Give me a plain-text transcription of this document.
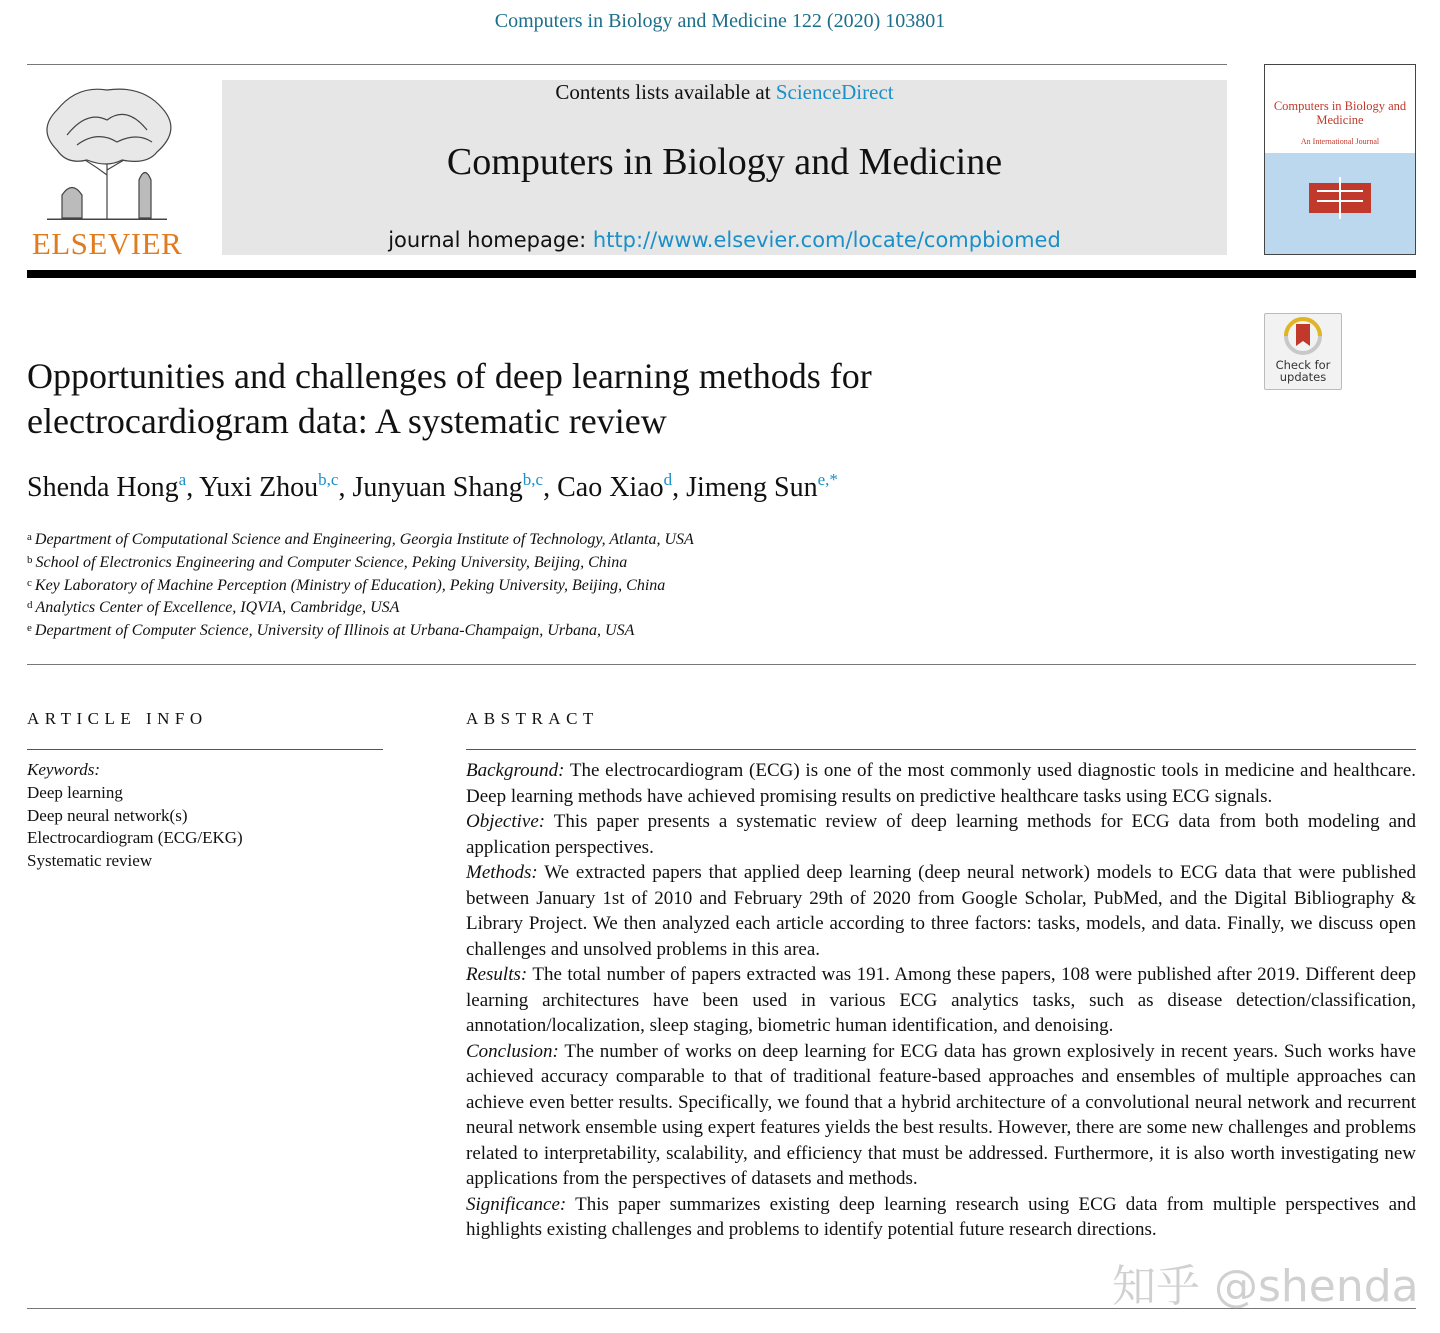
Computers in Biology and Medicine 122 (2020) 103801
ELSEVIER
Contents lists available at ScienceDirect
Computers in Biology and Medicine
journal homepage: http://www.elsevier.com/locate/compbiomed
Computers in Biology and Medicine
An International Journal
Check for updates
Opportunities and challenges of deep learning methods for electrocardiogram data: A systematic review
Shenda Hong$^a$, Yuxi Zhou$^{b,c}$, Junyuan Shang$^{b,c}$, Cao Xiao$^d$, Jimeng Sun$^{e,*}$
$^a$ Department of Computational Science and Engineering, Georgia Institute of Technology, Atlanta, USA
$^b$ School of Electronics Engineering and Computer Science, Peking University, Beijing, China
$^c$ Key Laboratory of Machine Perception (Ministry of Education), Peking University, Beijing, China
$^d$ Analytics Center of Excellence, IQVIA, Cambridge, USA
$^e$ Department of Computer Science, University of Illinois at Urbana-Champaign, Urbana, USA
ARTICLE INFO
Keywords:
Deep learning
Deep neural network(s)
Electrocardiogram (ECG/EKG)
Systematic review
ABSTRACT

Background: The electrocardiogram (ECG) is one of the most commonly used diagnostic tools in medicine and healthcare. Deep learning methods have achieved promising results on predictive healthcare tasks using ECG signals.

Objective: This paper presents a systematic review of deep learning methods for ECG data from both modeling and application perspectives.

Methods: We extracted papers that applied deep learning (deep neural network) models to ECG data that were published between January 1st of 2010 and February 29th of 2020 from Google Scholar, PubMed, and the Digital Bibliography & Library Project. We then analyzed each article according to three factors: tasks, models, and data. Finally, we discuss open challenges and unsolved problems in this area.

Results: The total number of papers extracted was 191. Among these papers, 108 were published after 2019. Different deep learning architectures have been used in various ECG analytics tasks, such as disease detection/classification, annotation/localization, sleep staging, biometric human identification, and denoising.

Conclusion: The number of works on deep learning for ECG data has grown explosively in recent years. Such works have achieved accuracy comparable to that of traditional feature-based approaches and ensembles of multiple approaches can achieve even better results. Specifically, we found that a hybrid architecture of a convolutional neural network and recurrent neural network ensemble using expert features yields the best results. However, there are some new challenges and problems related to interpretability, scalability, and efficiency that must be addressed. Furthermore, it is also worth investigating new applications from the perspectives of datasets and methods.

Significance: This paper summarizes existing deep learning research using ECG data from multiple perspectives and highlights existing challenges and problems to identify potential future research directions.

知乎 @shenda
